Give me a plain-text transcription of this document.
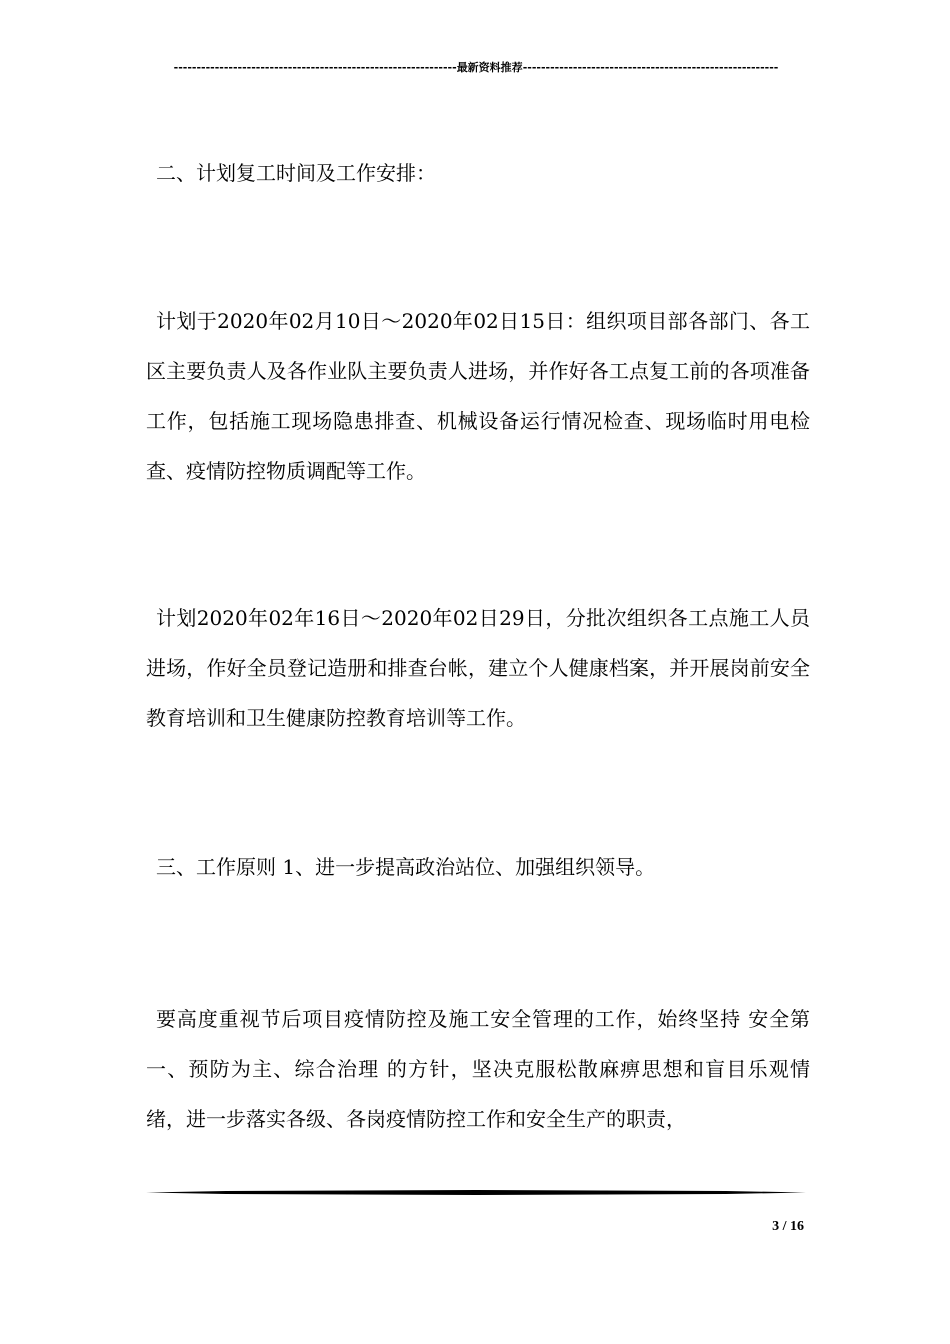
--------------------------------------------------------------最新资料推荐--------------------------------------------------------

二、计划复工时间及工作安排：

计划于2020年02月10日～2020年02日15日：组织项目部各部门、各工区主要负责人及各作业队主要负责人进场，并作好各工点复工前的各项准备工作，包括施工现场隐患排查、机械设备运行情况检查、现场临时用电检查、疫情防控物质调配等工作。

计划2020年02年16日～2020年02日29日，分批次组织各工点施工人员进场，作好全员登记造册和排查台帐，建立个人健康档案，并开展岗前安全教育培训和卫生健康防控教育培训等工作。

三、工作原则 1、进一步提高政治站位、加强组织领导。

要高度重视节后项目疫情防控及施工安全管理的工作，始终坚持 安全第一、预防为主、综合治理 的方针，坚决克服松散麻痹思想和盲目乐观情绪，进一步落实各级、各岗疫情防控工作和安全生产的职责，

3 / 16
